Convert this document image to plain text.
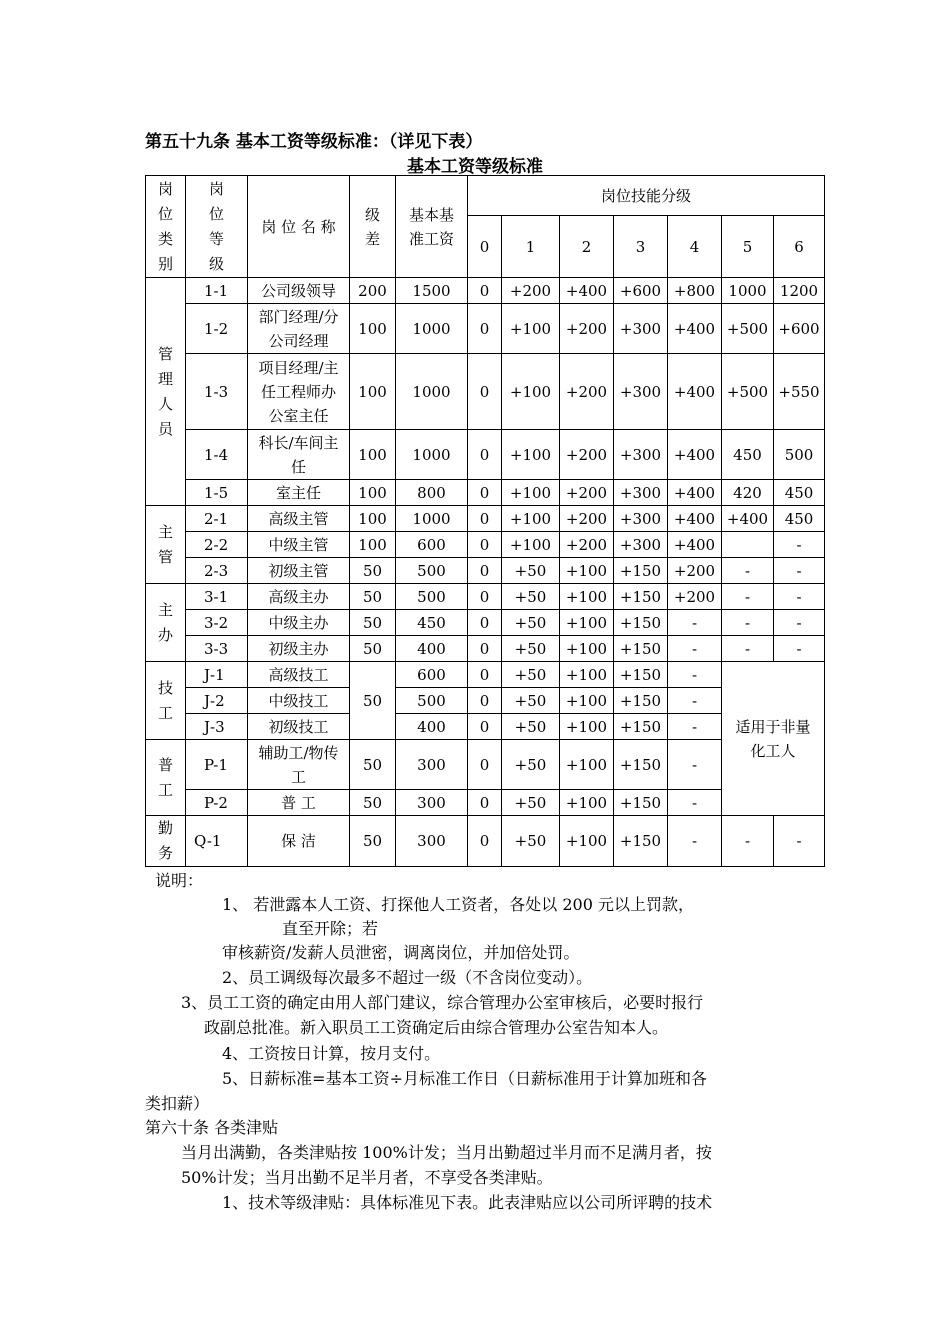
第五十九条 基本工资等级标准：（详见下表）
基本工资等级标准
岗位类别	岗位等级	岗 位 名 称	级差	基本基准工资	岗位技能分级						
					0	1	2	3	4	5	6
管理人员	1-1	公司级领导	200	1500	0	+200	+400	+600	+800	1000	1200
	1-2	部门经理/分公司经理	100	1000	0	+100	+200	+300	+400	+500	+600
	1-3	项目经理/主任工程师办公室主任	100	1000	0	+100	+200	+300	+400	+500	+550
	1-4	科长/车间主任	100	1000	0	+100	+200	+300	+400	450	500
	1-5	室主任	100	800	0	+100	+200	+300	+400	420	450
主管	2-1	高级主管	100	1000	0	+100	+200	+300	+400	+400	450
	2-2	中级主管	100	600	0	+100	+200	+300	+400		-
	2-3	初级主管	50	500	0	+50	+100	+150	+200	-	-
主办	3-1	高级主办	50	500	0	+50	+100	+150	+200	-	-
	3-2	中级主办	50	450	0	+50	+100	+150	-	-	-
	3-3	初级主办	50	400	0	+50	+100	+150	-	-	-
技工	J-1	高级技工	50	600	0	+50	+100	+150	-	适用于非量化工人	
	J-2	中级技工		500	0	+50	+100	+150	-		
	J-3	初级技工		400	0	+50	+100	+150	-		
普工	P-1	辅助工/物传工	50	300	0	+50	+100	+150	-		
	P-2	普 工	50	300	0	+50	+100	+150	-		
勤务	Q-1	保 洁	50	300	0	+50	+100	+150	-	-	-
说明：
1、 若泄露本人工资、打探他人工资者，各处以 200 元以上罚款，
直至开除；若
审核薪资/发薪人员泄密，调离岗位，并加倍处罚。
2、员工调级每次最多不超过一级（不含岗位变动）。
3、员工工资的确定由用人部门建议，综合管理办公室审核后，必要时报行
政副总批准。新入职员工工资确定后由综合管理办公室告知本人。
4、工资按日计算，按月支付。
5、日薪标准=基本工资÷月标准工作日（日薪标准用于计算加班和各
类扣薪）
第六十条 各类津贴
当月出满勤，各类津贴按 100%计发；当月出勤超过半月而不足满月者，按
50%计发；当月出勤不足半月者，不享受各类津贴。
1、技术等级津贴：具体标准见下表。此表津贴应以公司所评聘的技术
